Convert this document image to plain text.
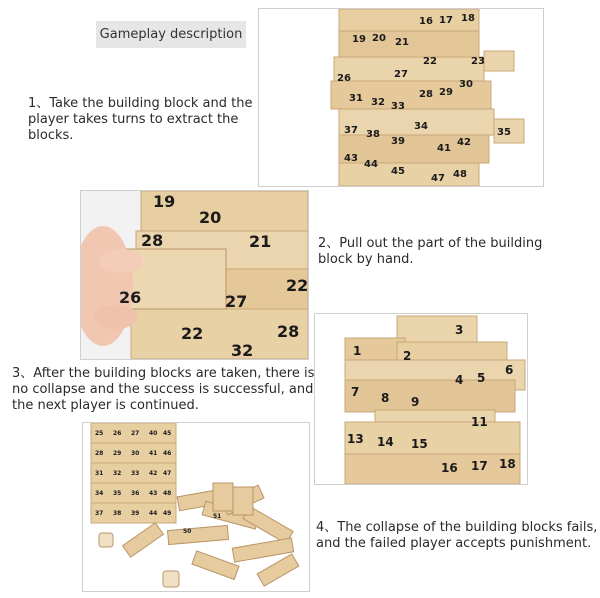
Gameplay description
1、Take the building block and the player takes turns to extract the blocks.
2、Pull out the part of the building block by hand.
3、After the building blocks are taken, there is no collapse and the success is successful, and the next player is continued.
4、The collapse of the building blocks fails, and the failed player accepts punishment.
16 17 18
19 20 21
22	23
26	27
28 29
30
31 32 33
34
35
37 38
39
41
42
43
44
45
47 48
19
20
21
22
26	27
28
22
28
32
3
1	2
4 5
6
7 8 9
11
13 14 15
16 17 18
25 26 27
28 29 30
31 32 33
34 35 36
37 38 39
40
41
42
43
44
45
46
47
48
49
50
51
